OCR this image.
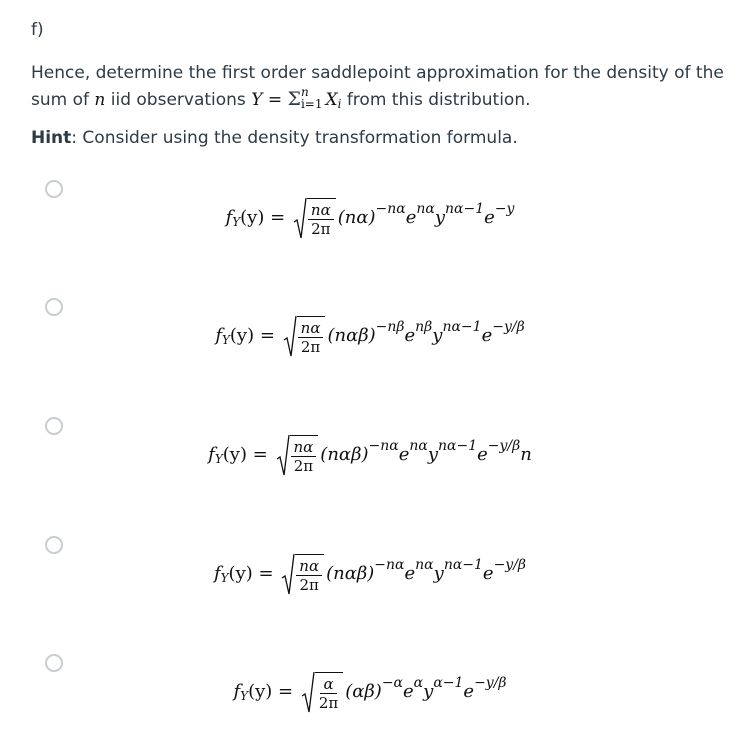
f)
Hence, determine the first order saddlepoint approximation for the density of the sum of n iid observations Y = Σ n
i=1 $X_i$ from this distribution.
Hint: Consider using the density transformation formula.
$f_Y(y) = \frac{n\alpha}{2\pi} (n\alpha)^{-n\alpha}e^{n\alpha}y^{n\alpha-1}e^{-y}$
$f_Y(y) = \frac{n\alpha}{2\pi} (n\alpha\beta)^{-n\beta}e^{n\beta}y^{n\alpha-1}e^{-y/\beta}$
$f_Y(y) = \frac{n\alpha}{2\pi} (n\alpha\beta)^{-n\alpha}e^{n\alpha}y^{n\alpha-1}e^{-y/\beta}n$
$f_Y(y) = \frac{n\alpha}{2\pi} (n\alpha\beta)^{-n\alpha}e^{n\alpha}y^{n\alpha-1}e^{-y/\beta}$
$f_Y(y) = \frac{\alpha}{2\pi} (\alpha\beta)^{-\alpha}e^\alpha y^{\alpha-1}e^{-y/\beta}$
